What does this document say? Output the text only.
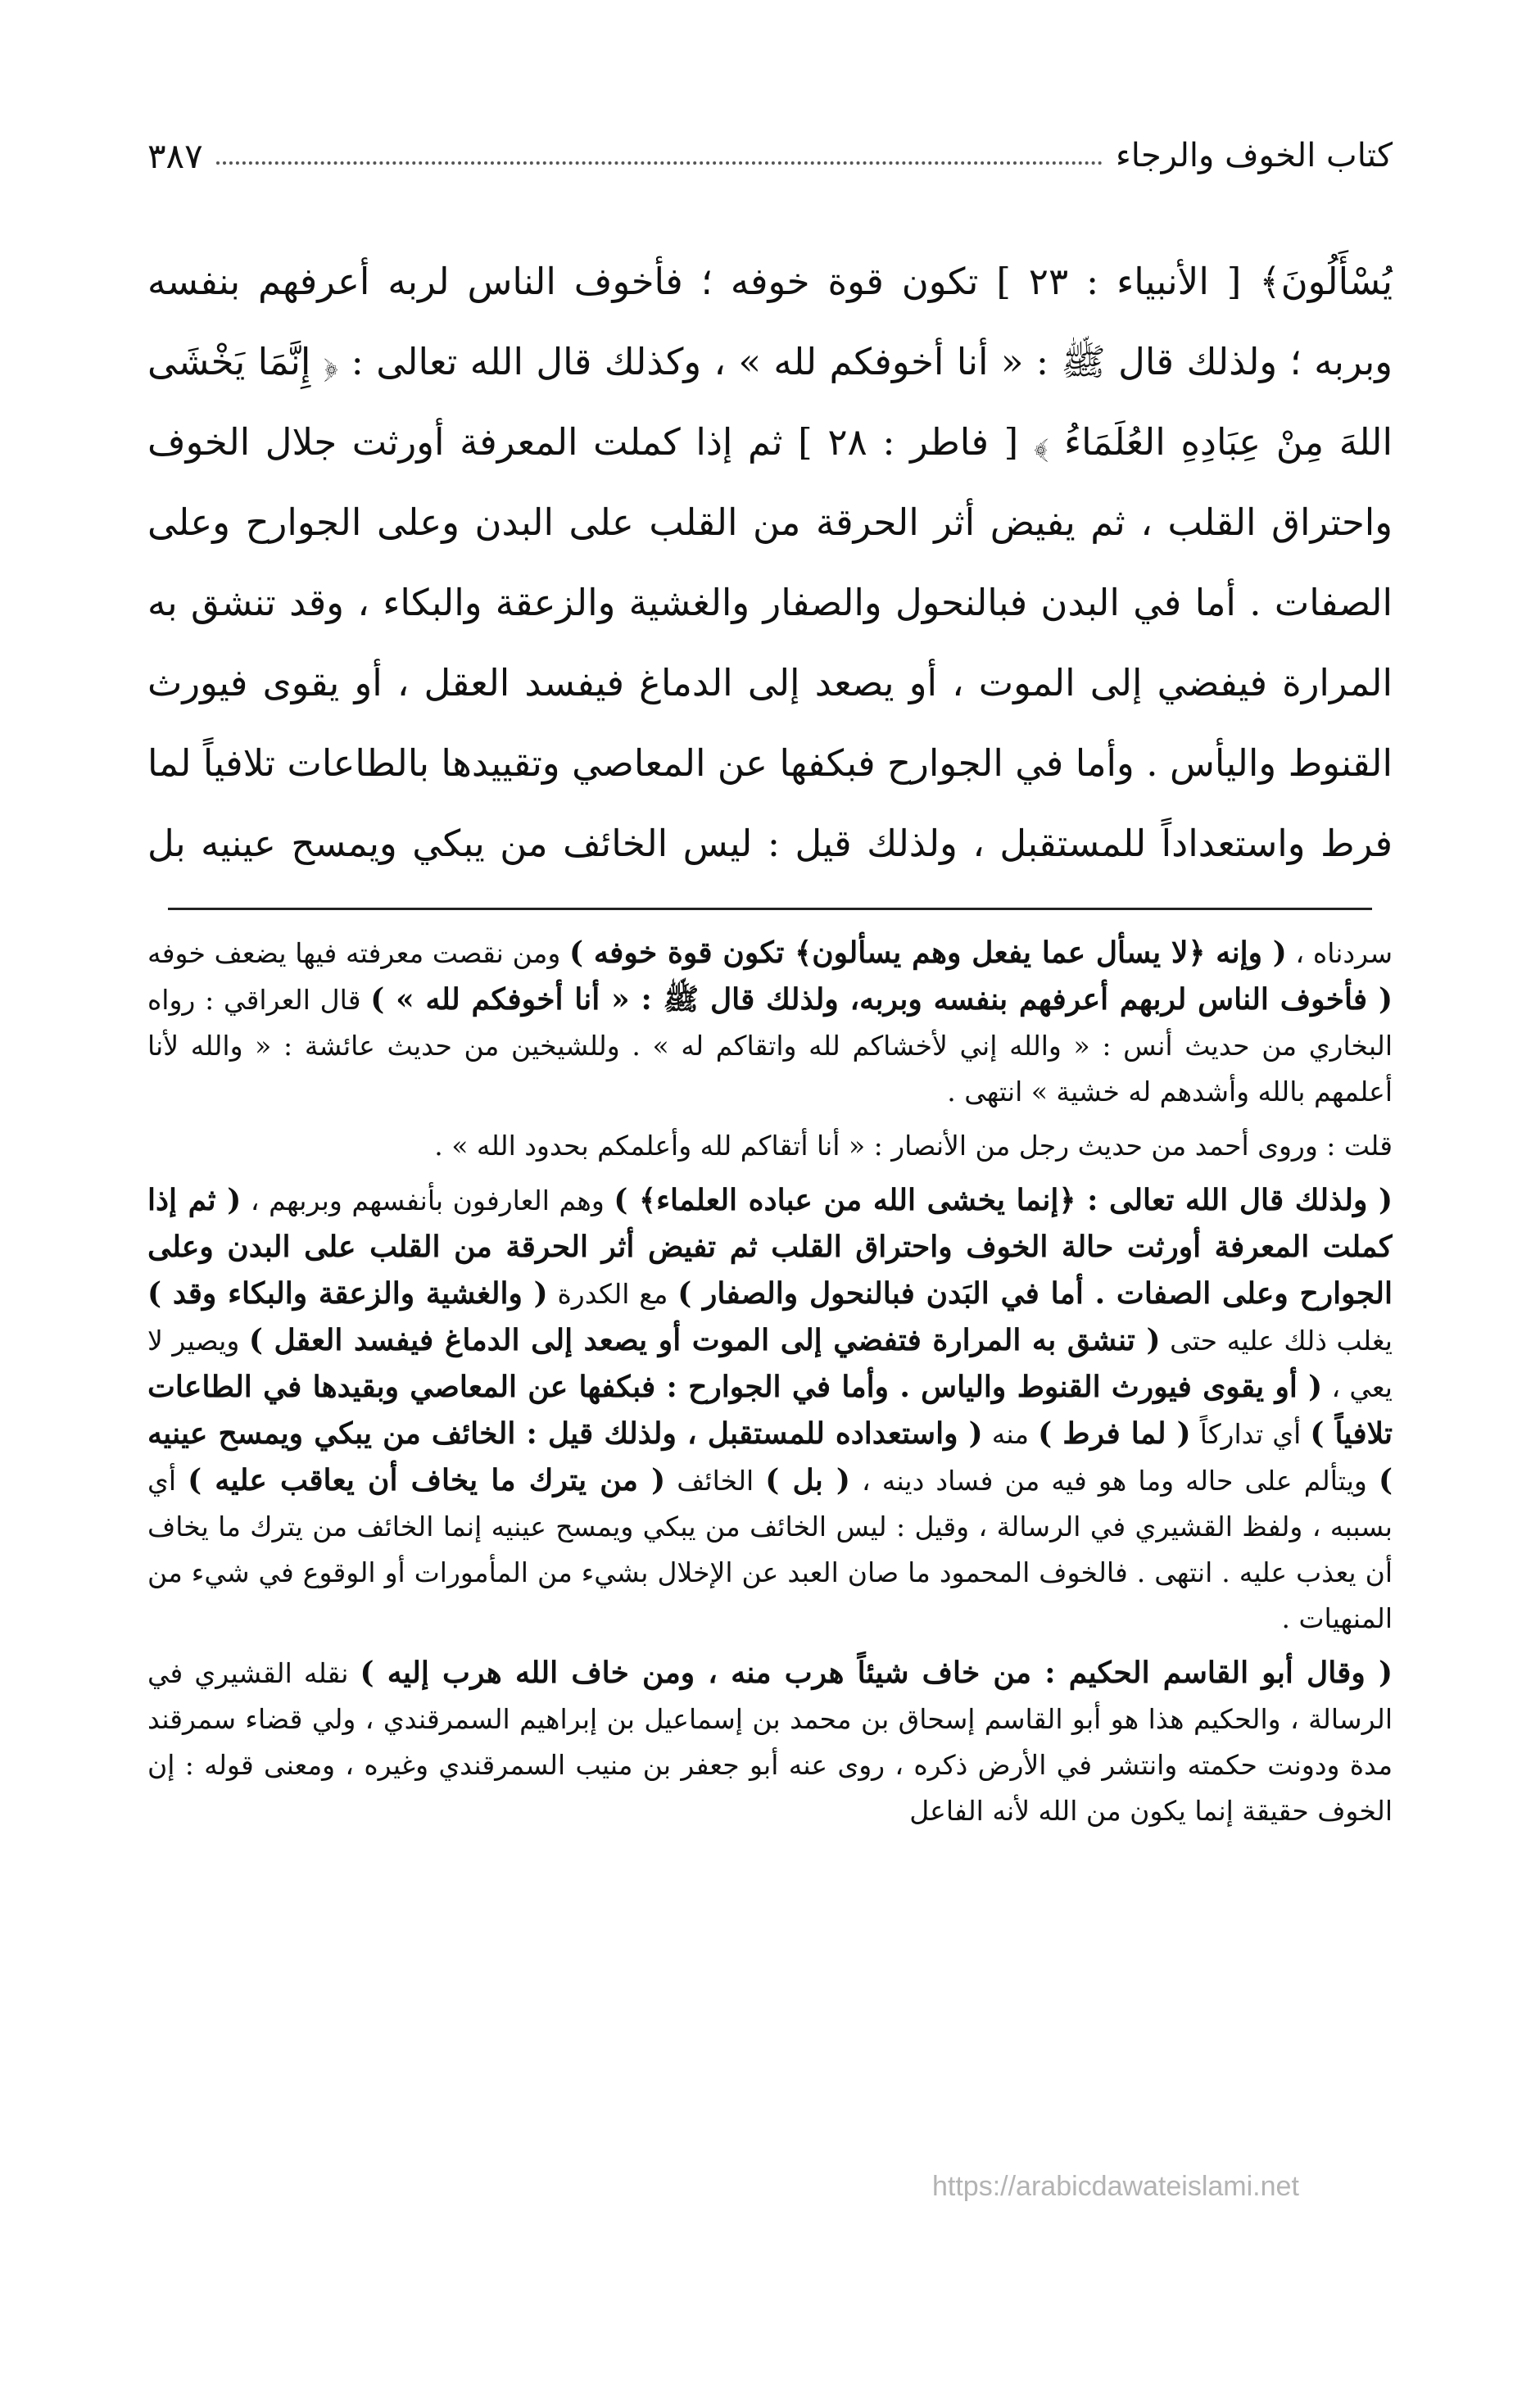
كتاب الخوف والرجاء
٣٨٧

يُسْأَلُونَ﴾ [ الأنبياء : ٢٣ ] تكون قوة خوفه ؛ فأخوف الناس لربه أعرفهم بنفسه وبربه ؛ ولذلك قال ﷺ : « أنا أخوفكم لله » ، وكذلك قال الله تعالى : ﴿ إِنَّمَا يَخْشَى اللهَ مِنْ عِبَادِهِ العُلَمَاءُ ﴾ [ فاطر : ٢٨ ] ثم إذا كملت المعرفة أورثت جلال الخوف واحتراق القلب ، ثم يفيض أثر الحرقة من القلب على البدن وعلى الجوارح وعلى الصفات . أما في البدن فبالنحول والصفار والغشية والزعقة والبكاء ، وقد تنشق به المرارة فيفضي إلى الموت ، أو يصعد إلى الدماغ فيفسد العقل ، أو يقوى فيورث القنوط واليأس . وأما في الجوارح فبكفها عن المعاصي وتقييدها بالطاعات تلافياً لما فرط واستعداداً للمستقبل ، ولذلك قيل : ليس الخائف من يبكي ويمسح عينيه بل

سردناه ، ( وإنه ﴿لا يسأل عما يفعل وهم يسألون﴾ تكون قوة خوفه ) ومن نقصت معرفته فيها يضعف خوفه ( فأخوف الناس لربهم أعرفهم بنفسه وبربه، ولذلك قال ﷺ : « أنا أخوفكم لله » ) قال العراقي : رواه البخاري من حديث أنس : « والله إني لأخشاكم لله واتقاكم له » . وللشيخين من حديث عائشة : « والله لأنا أعلمهم بالله وأشدهم له خشية » انتهى .

قلت : وروى أحمد من حديث رجل من الأنصار : « أنا أتقاكم لله وأعلمكم بحدود الله » .

( ولذلك قال الله تعالى : ﴿إنما يخشى الله من عباده العلماء﴾ ) وهم العارفون بأنفسهم وبربهم ، ( ثم إذا كملت المعرفة أورثت حالة الخوف واحتراق القلب ثم تفيض أثر الحرقة من القلب على البدن وعلى الجوارح وعلى الصفات . أما في البَدن فبالنحول والصفار ) مع الكدرة ( والغشية والزعقة والبكاء وقد ) يغلب ذلك عليه حتى ( تنشق به المرارة فتفضي إلى الموت أو يصعد إلى الدماغ فيفسد العقل ) ويصير لا يعي ، ( أو يقوى فيورث القنوط والياس . وأما في الجوارح : فبكفها عن المعاصي وبقيدها في الطاعات تلافياً ) أي تداركاً ( لما فرط ) منه ( واستعداده للمستقبل ، ولذلك قيل : الخائف من يبكي ويمسح عينيه ) ويتألم على حاله وما هو فيه من فساد دينه ، ( بل ) الخائف ( من يترك ما يخاف أن يعاقب عليه ) أي بسببه ، ولفظ القشيري في الرسالة ، وقيل : ليس الخائف من يبكي ويمسح عينيه إنما الخائف من يترك ما يخاف أن يعذب عليه . انتهى . فالخوف المحمود ما صان العبد عن الإخلال بشيء من المأمورات أو الوقوع في شيء من المنهيات .

( وقال أبو القاسم الحكيم : من خاف شيئاً هرب منه ، ومن خاف الله هرب إليه ) نقله القشيري في الرسالة ، والحكيم هذا هو أبو القاسم إسحاق بن محمد بن إسماعيل بن إبراهيم السمرقندي ، ولي قضاء سمرقند مدة ودونت حكمته وانتشر في الأرض ذكره ، روى عنه أبو جعفر بن منيب السمرقندي وغيره ، ومعنى قوله : إن الخوف حقيقة إنما يكون من الله لأنه الفاعل

https://arabicdawateislami.net
